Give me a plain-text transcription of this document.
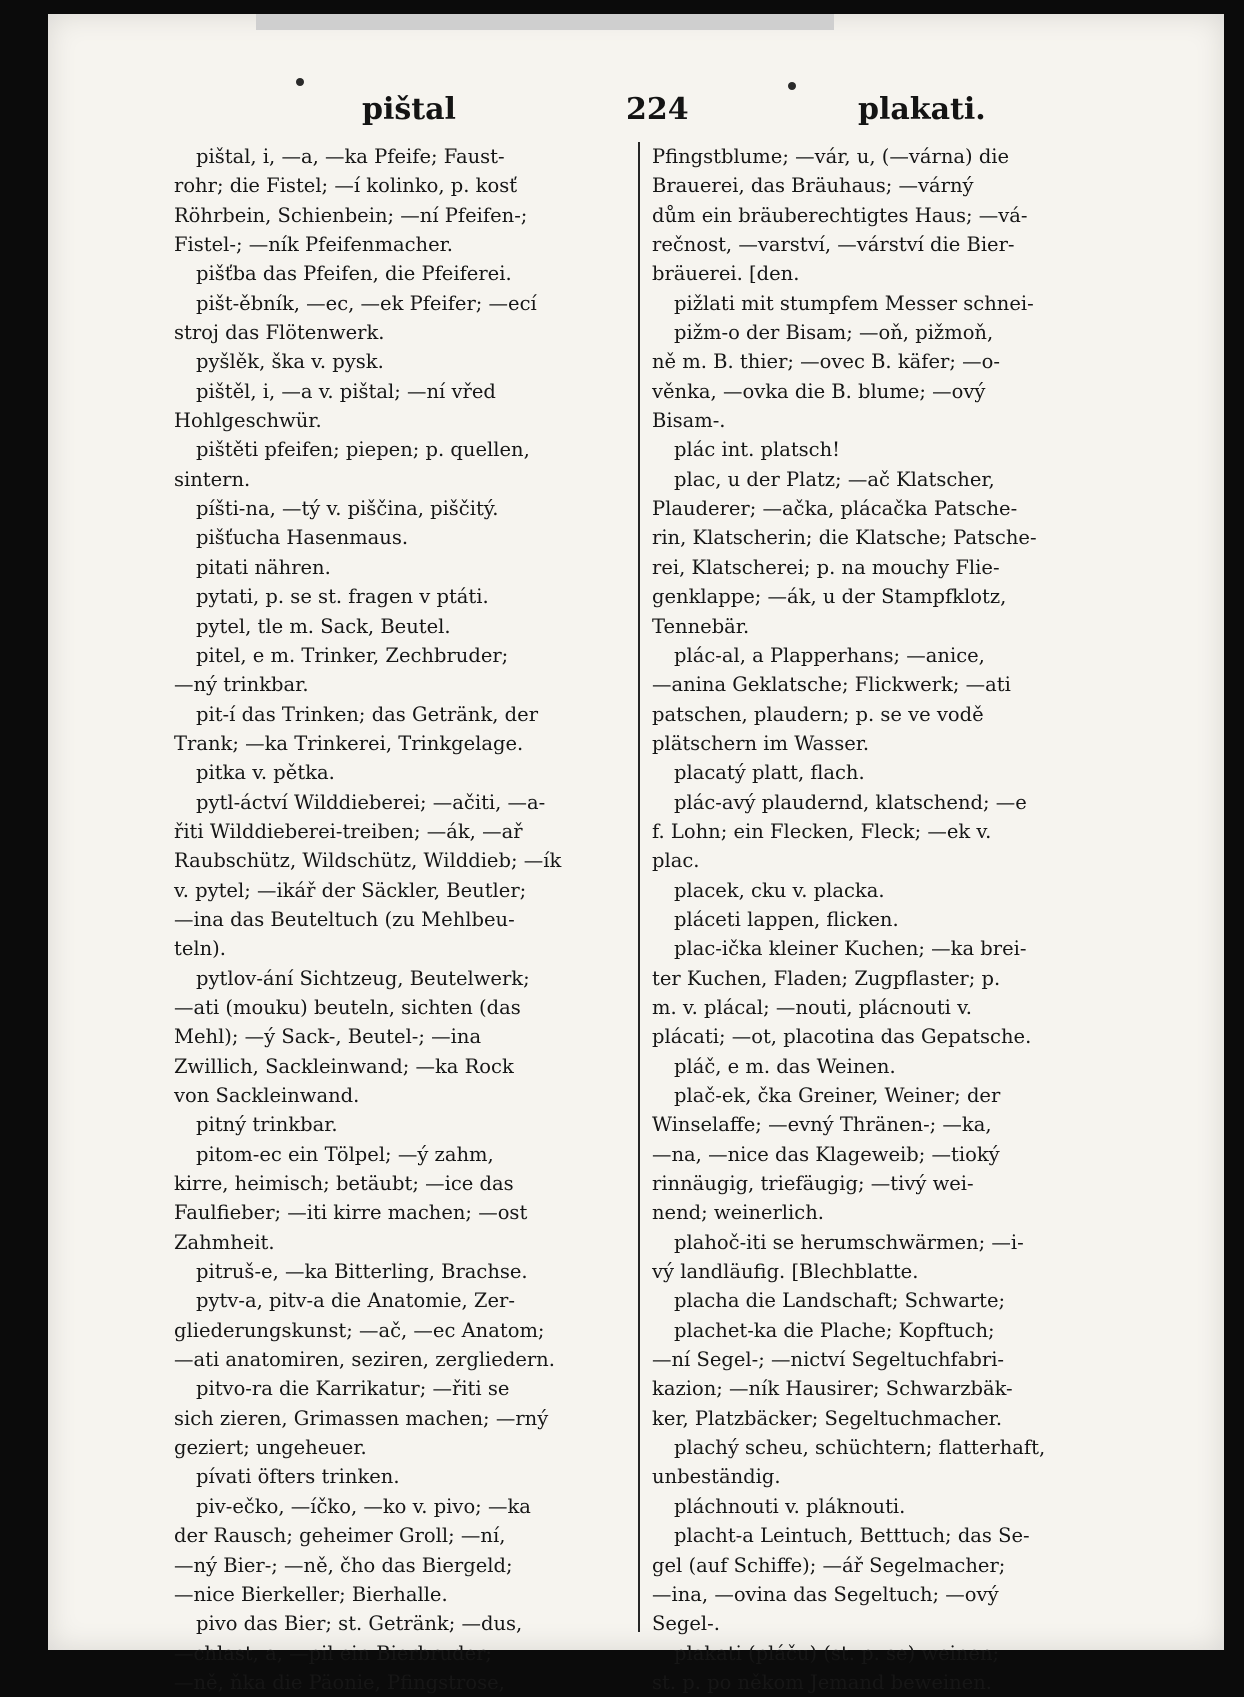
pištal	224	plakati.
pištal, i, —a, —ka Pfeife; Faust-
rohr; die Fistel; —í kolinko, p. kosť
Röhrbein, Schienbein; —ní Pfeifen-;
Fistel-; —ník Pfeifenmacher.
pišťba das Pfeifen, die Pfeiferei.
pišt-ěbník, —ec, —ek Pfeifer; —ecí
stroj das Flötenwerk.
pyšlěk, ška v. pysk.
pištěl, i, —a v. pištal; —ní vřed
Hohlgeschwür.
pištěti pfeifen; piepen; p. quellen,
sintern.
píšti-na, —tý v. piščina, piščitý.
pišťucha Hasenmaus.
pitati nähren.
pytati, p. se st. fragen v ptáti.
pytel, tle m. Sack, Beutel.
pitel, e m. Trinker, Zechbruder;
—ný trinkbar.
pit-í das Trinken; das Getränk, der
Trank; —ka Trinkerei, Trinkgelage.
pitka v. pětka.
pytl-áctví Wilddieberei; —ačiti, —a-
řiti Wilddieberei-treiben; —ák, —ař
Raubschütz, Wildschütz, Wilddieb; —ík
v. pytel; —ikář der Säckler, Beutler;
—ina das Beuteltuch (zu Mehlbeu-
teln).
pytlov-ání Sichtzeug, Beutelwerk;
—ati (mouku) beuteln, sichten (das
Mehl); —ý Sack-, Beutel-; —ina
Zwillich, Sackleinwand; —ka Rock
von Sackleinwand.
pitný trinkbar.
pitom-ec ein Tölpel; —ý zahm,
kirre, heimisch; betäubt; —ice das
Faulfieber; —iti kirre machen; —ost
Zahmheit.
pitruš-e, —ka Bitterling, Brachse.
pytv-a, pitv-a die Anatomie, Zer-
gliederungskunst; —ač, —ec Anatom;
—ati anatomiren, seziren, zergliedern.
pitvo-ra die Karrikatur; —řiti se
sich zieren, Grimassen machen; —rný
geziert; ungeheuer.
pívati öfters trinken.
piv-ečko, —íčko, —ko v. pivo; —ka
der Rausch; geheimer Groll; —ní,
—ný Bier-; —ně, čho das Biergeld;
—nice Bierkeller; Bierhalle.
pivo das Bier; st. Getränk; —dus,
—chlast, a, —pil ein Bierbruder;
—ně, ňka die Päonie, Pfingstrose,
Pfingstblume; —vár, u, (—várna) die
Brauerei, das Bräuhaus; —várný
dům ein bräuberechtigtes Haus; —vá-
rečnost, —varství, —várství die Bier-
bräuerei. [den.
pižlati mit stumpfem Messer schnei-
pižm-o der Bisam; —oň, pižmoň,
ně m. B. thier; —ovec B. käfer; —o-
věnka, —ovka die B. blume; —ový
Bisam-.
plác int. platsch!
plac, u der Platz; —ač Klatscher,
Plauderer; —ačka, plácačka Patsche-
rin, Klatscherin; die Klatsche; Patsche-
rei, Klatscherei; p. na mouchy Flie-
genklappe; —ák, u der Stampfklotz,
Tennebär.
plác-al, a Plapperhans; —anice,
—anina Geklatsche; Flickwerk; —ati
patschen, plaudern; p. se ve vodě
plätschern im Wasser.
placatý platt, flach.
plác-avý plaudernd, klatschend; —e
f. Lohn; ein Flecken, Fleck; —ek v.
plac.
placek, cku v. placka.
pláceti lappen, flicken.
plac-ička kleiner Kuchen; —ka brei-
ter Kuchen, Fladen; Zugpflaster; p.
m. v. plácal; —nouti, plácnouti v.
plácati; —ot, placotina das Gepatsche.
pláč, e m. das Weinen.
plač-ek, čka Greiner, Weiner; der
Winselaffe; —evný Thränen-; —ka,
—na, —nice das Klageweib; —tioký
rinnäugig, triefäugig; —tivý wei-
nend; weinerlich.
plahoč-iti se herumschwärmen; —i-
vý landläufig. [Blechblatte.
placha die Landschaft; Schwarte;
plachet-ka die Plache; Kopftuch;
—ní Segel-; —nictví Segeltuchfabri-
kazion; —ník Hausirer; Schwarzbäk-
ker, Platzbäcker; Segeltuchmacher.
plachý scheu, schüchtern; flatterhaft,
unbeständig.
pláchnouti v. pláknouti.
placht-a Leintuch, Betttuch; das Se-
gel (auf Schiffe); —ář Segelmacher;
—ina, —ovina das Segeltuch; —ový
Segel-.
plakati (pláču) (st. p. se) weinen;
st. p. po někom Jemand beweinen.
